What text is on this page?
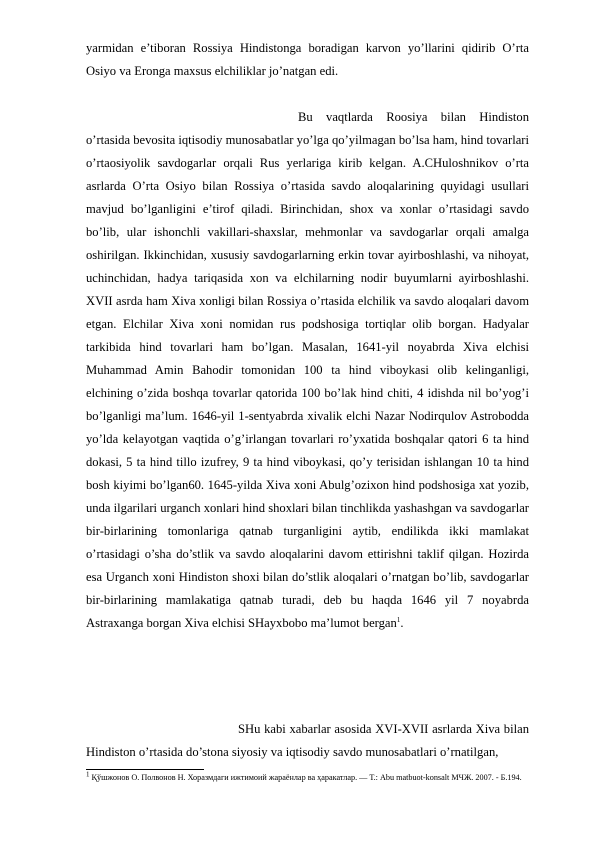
yarmidan e’tiboran Rossiya Hindistonga boradigan karvon yo’llarini qidirib O’rta Osiyo va Eronga maxsus elchiliklar jo’natgan edi.

Bu vaqtlarda Roosiya bilan Hindiston o’rtasida bevosita iqtisodiy munosabatlar yo’lga qo’yilmagan bo’lsa ham, hind tovarlari o’rtaosiyolik savdogarlar orqali Rus yerlariga kirib kelgan. A.CHuloshnikov o’rta asrlarda O’rta Osiyo bilan Rossiya o’rtasida savdo aloqalarining quyidagi usullari mavjud bo’lganligini e’tirof qiladi. Birinchidan, shox va xonlar o’rtasidagi savdo bo’lib, ular ishonchli vakillari-shaxslar, mehmonlar va savdogarlar orqali amalga oshirilgan. Ikkinchidan, xususiy savdogarlarning erkin tovar ayirboshlashi, va nihoyat, uchinchidan, hadya tariqasida xon va elchilarning nodir buyumlarni ayirboshlashi. XVII asrda ham Xiva xonligi bilan Rossiya o’rtasida elchilik va savdo aloqalari davom etgan. Elchilar Xiva xoni nomidan rus podshosiga tortiqlar olib borgan. Hadyalar tarkibida hind tovarlari ham bo’lgan. Masalan, 1641-yil noyabrda Xiva elchisi Muhammad Amin Bahodir tomonidan 100 ta hind viboykasi olib kelinganligi, elchining o’zida boshqa tovarlar qatorida 100 bo’lak hind chiti, 4 idishda nil bo’yog’i bo’lganligi ma’lum. 1646-yil 1-sentyabrda xivalik elchi Nazar Nodirqulov Astrobodda yo’lda kelayotgan vaqtida o’g’irlangan tovarlari ro’yxatida boshqalar qatori 6 ta hind dokasi, 5 ta hind tillo izufrey, 9 ta hind viboykasi, qo’y terisidan ishlangan 10 ta hind bosh kiyimi bo’lgan60. 1645-yilda Xiva xoni Abulg’ozixon hind podshosiga xat yozib, unda ilgarilari urganch xonlari hind shoxlari bilan tinchlikda yashashgan va savdogarlar bir-birlarining tomonlariga qatnab turganligini aytib, endilikda ikki mamlakat o’rtasidagi o’sha do’stlik va savdo aloqalarini davom ettirishni taklif qilgan. Hozirda esa Urganch xoni Hindiston shoxi bilan do’stlik aloqalari o’rnatgan bo’lib, savdogarlar bir-birlarining mamlakatiga qatnab turadi, deb bu haqda 1646 yil 7 noyabrda Astraxanga borgan Xiva elchisi SHayxbobo ma’lumot bergan$^1$.

SHu kabi xabarlar asosida XVI-XVII asrlarda Xiva bilan Hindiston o’rtasida do’stona siyosiy va iqtisodiy savdo munosabatlari o’rnatilgan,

$^1$ Қўшжонов О. Полвонов Н. Хоразмдаги ижтимоий жараёнлар ва ҳаракатлар. — Т.: Abu matbuot-konsalt МЧЖ. 2007. - Б.194.
